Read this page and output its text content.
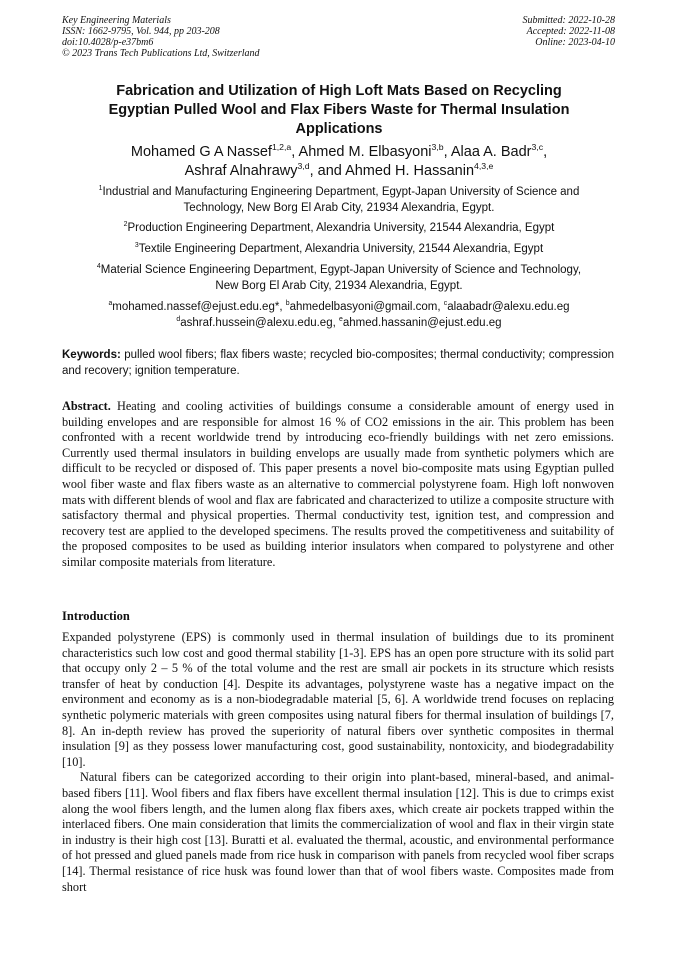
Key Engineering Materials
ISSN: 1662-9795, Vol. 944, pp 203-208
doi:10.4028/p-e37bm6
© 2023 Trans Tech Publications Ltd, Switzerland
Submitted: 2022-10-28
Accepted: 2022-11-08
Online: 2023-04-10
Fabrication and Utilization of High Loft Mats Based on Recycling
Egyptian Pulled Wool and Flax Fibers Waste for Thermal Insulation
Applications
Mohamed G A Nassef$^{1,2,a}$, Ahmed M. Elbasyoni$^{3,b}$, Alaa A. Badr$^{3,c}$,
Ashraf Alnahrawy$^{3,d}$, and Ahmed H. Hassanin$^{4,3,e}$
$^1$Industrial and Manufacturing Engineering Department, Egypt-Japan University of Science and
Technology, New Borg El Arab City, 21934 Alexandria, Egypt.
$^2$Production Engineering Department, Alexandria University, 21544 Alexandria, Egypt
$^3$Textile Engineering Department, Alexandria University, 21544 Alexandria, Egypt
$^4$Material Science Engineering Department, Egypt-Japan University of Science and Technology,
New Borg El Arab City, 21934 Alexandria, Egypt.
$^a$mohamed.nassef@ejust.edu.eg*, $^b$ahmedelbasyoni@gmail.com, $^c$alaabadr@alexu.edu.eg
$^d$ashraf.hussein@alexu.edu.eg, $^e$ahmed.hassanin@ejust.edu.eg
Keywords: pulled wool fibers; flax fibers waste; recycled bio-composites; thermal conductivity; compression and recovery; ignition temperature.
Abstract. Heating and cooling activities of buildings consume a considerable amount of energy used in building envelopes and are responsible for almost 16 % of CO2 emissions in the air. This problem has been confronted with a recent worldwide trend by introducing eco-friendly buildings with net zero emissions. Currently used thermal insulators in building envelops are usually made from synthetic polymers which are difficult to be recycled or disposed of. This paper presents a novel bio-composite mats using Egyptian pulled wool fiber waste and flax fibers waste as an alternative to commercial polystyrene foam. High loft nonwoven mats with different blends of wool and flax are fabricated and characterized to utilize a composite structure with satisfactory thermal and physical properties. Thermal conductivity test, ignition test, and compression and recovery test are applied to the developed specimens. The results proved the competitiveness and suitability of the proposed composites to be used as building interior insulators when compared to polystyrene and other similar composite materials from literature.
Introduction

Expanded polystyrene (EPS) is commonly used in thermal insulation of buildings due to its prominent characteristics such low cost and good thermal stability [1-3]. EPS has an open pore structure with its solid part that occupy only 2 – 5 % of the total volume and the rest are small air pockets in its structure which resists transfer of heat by conduction [4]. Despite its advantages, polystyrene waste has a negative impact on the environment and economy as is a non-biodegradable material [5, 6]. A worldwide trend focuses on replacing synthetic polymeric materials with green composites using natural fibers for thermal insulation of buildings [7, 8]. An in-depth review has proved the superiority of natural fibers over synthetic composites in thermal insulation [9] as they possess lower manufacturing cost, good sustainability, nontoxicity, and biodegradability [10].

Natural fibers can be categorized according to their origin into plant-based, mineral-based, and animal-based fibers [11]. Wool fibers and flax fibers have excellent thermal insulation [12]. This is due to crimps exist along the wool fibers length, and the lumen along flax fibers axes, which create air pockets trapped within the interlaced fibers. One main consideration that limits the commercialization of wool and flax in their virgin state in industry is their high cost [13]. Buratti et al. evaluated the thermal, acoustic, and environmental performance of hot pressed and glued panels made from rice husk in comparison with panels from recycled wool fiber scraps [14]. Thermal resistance of rice husk was found lower than that of wool fibers waste. Composites made from short
